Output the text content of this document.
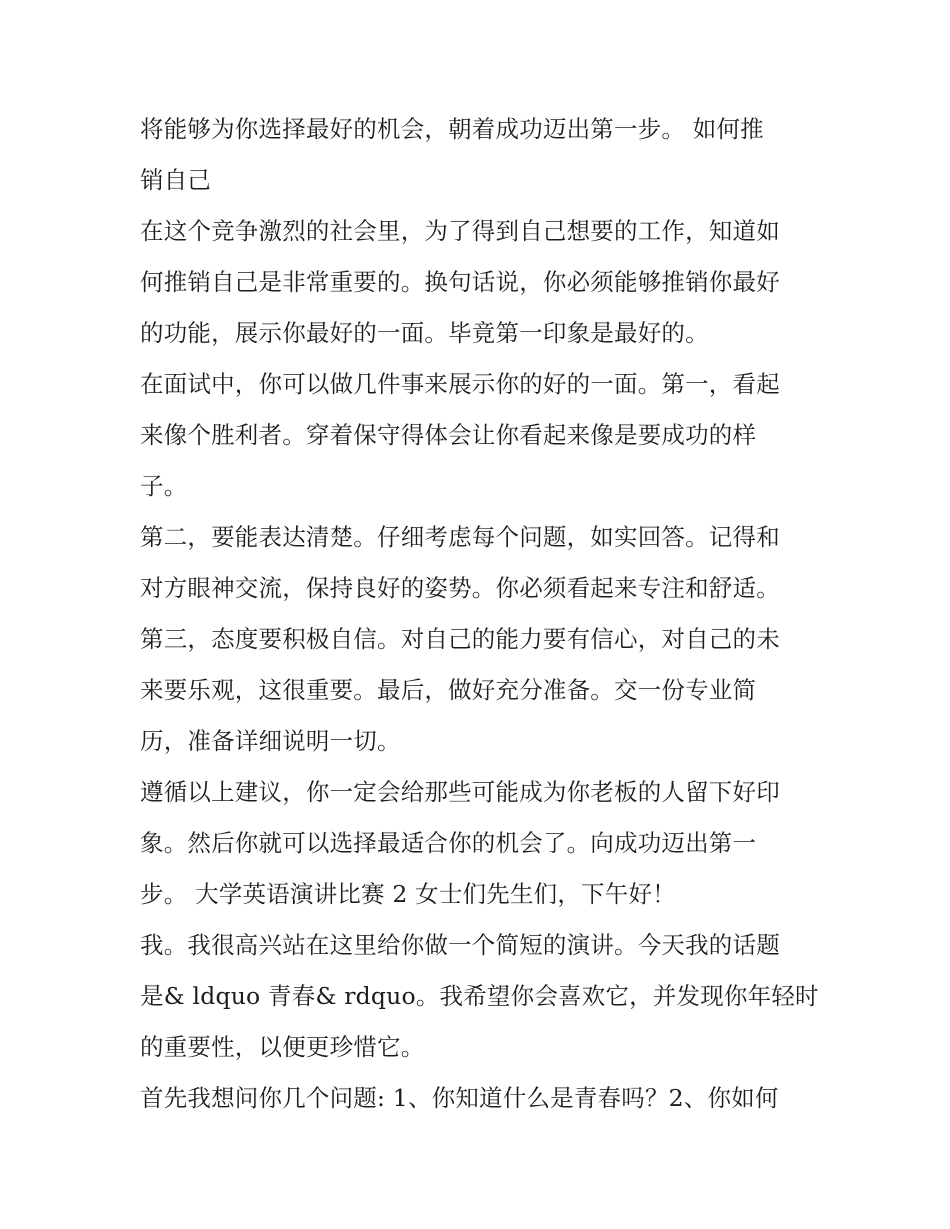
将能够为你选择最好的机会，朝着成功迈出第一步。 如何推
销自己
在这个竞争激烈的社会里，为了得到自己想要的工作，知道如
何推销自己是非常重要的。换句话说，你必须能够推销你最好
的功能，展示你最好的一面。毕竟第一印象是最好的。
在面试中，你可以做几件事来展示你的好的一面。第一，看起
来像个胜利者。穿着保守得体会让你看起来像是要成功的样
子。
第二，要能表达清楚。仔细考虑每个问题，如实回答。记得和
对方眼神交流，保持良好的姿势。你必须看起来专注和舒适。
第三，态度要积极自信。对自己的能力要有信心，对自己的未
来要乐观，这很重要。最后，做好充分准备。交一份专业简
历，准备详细说明一切。
遵循以上建议，你一定会给那些可能成为你老板的人留下好印
象。然后你就可以选择最适合你的机会了。向成功迈出第一
步。 大学英语演讲比赛 2 女士们先生们，下午好！
我。我很高兴站在这里给你做一个简短的演讲。今天我的话题
是& ldquo 青春& rdquo。我希望你会喜欢它，并发现你年轻时
的重要性，以便更珍惜它。
首先我想问你几个问题: 1、你知道什么是青春吗？2、你如何
